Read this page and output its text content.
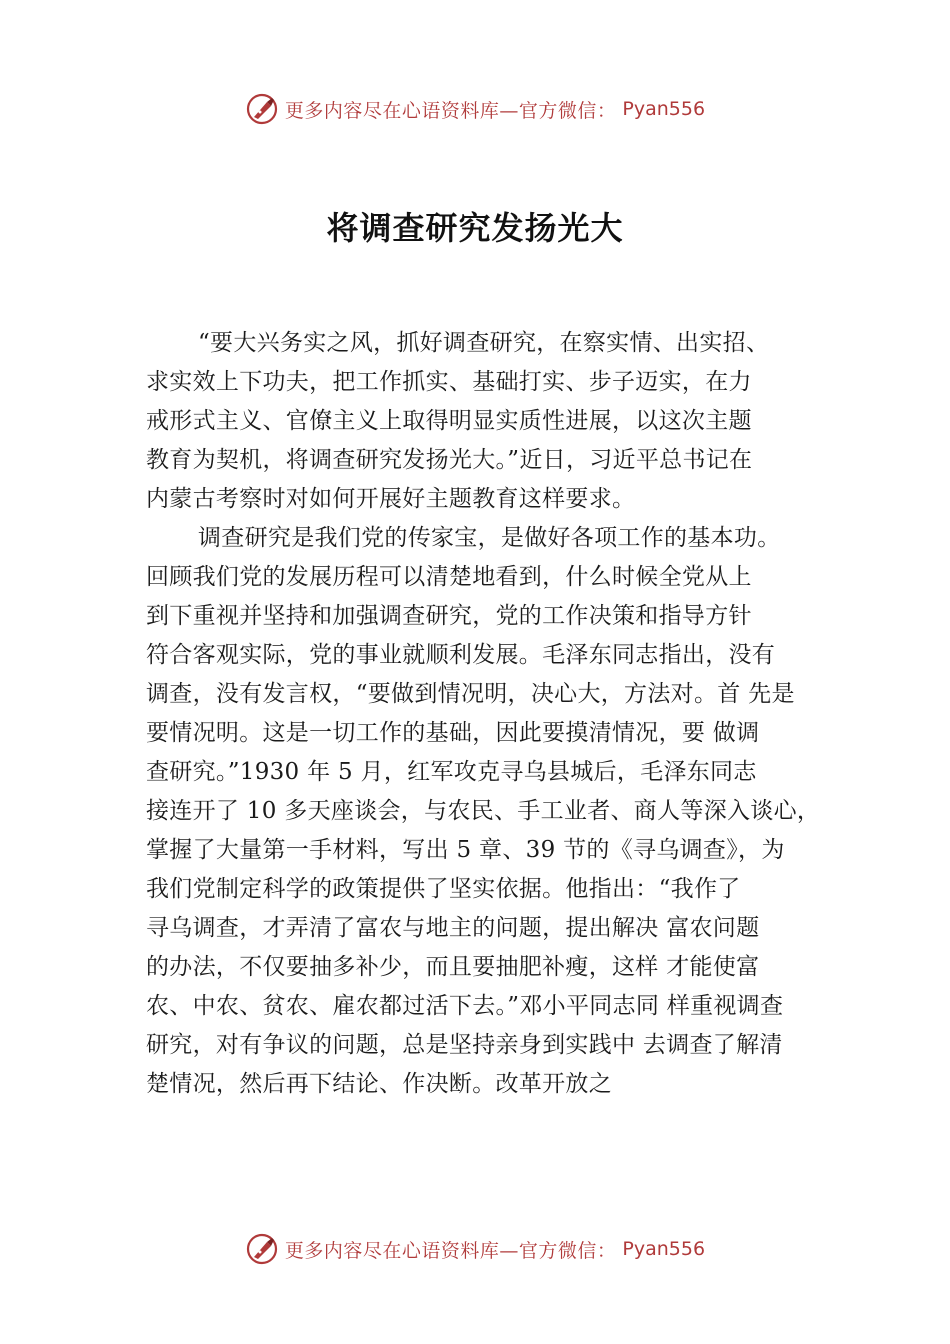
更多内容尽在心语资料库—官方微信： Pyan556
将调查研究发扬光大
“要大兴务实之风，抓好调查研究，在察实情、出实招、
求实效上下功夫，把工作抓实、基础打实、步子迈实，在力
戒形式主义、官僚主义上取得明显实质性进展，以这次主题
教育为契机，将调查研究发扬光大。”近日，习近平总书记在
内蒙古考察时对如何开展好主题教育这样要求。
调查研究是我们党的传家宝，是做好各项工作的基本功。
回顾我们党的发展历程可以清楚地看到，什么时候全党从上
到下重视并坚持和加强调查研究，党的工作决策和指导方针
符合客观实际，党的事业就顺利发展。毛泽东同志指出，没有
调查，没有发言权，“要做到情况明，决心大，方法对。首 先是
要情况明。这是一切工作的基础，因此要摸清情况，要 做调
查研究。”1930 年 5 月，红军攻克寻乌县城后，毛泽东同志
接连开了 10 多天座谈会，与农民、手工业者、商人等深入谈心，
掌握了大量第一手材料，写出 5 章、39 节的《寻乌调查》，为
我们党制定科学的政策提供了坚实依据。他指出：“我作了
寻乌调查，才弄清了富农与地主的问题，提出解决 富农问题
的办法，不仅要抽多补少，而且要抽肥补瘦，这样 才能使富
农、中农、贫农、雇农都过活下去。”邓小平同志同 样重视调查
研究，对有争议的问题，总是坚持亲身到实践中 去调查了解清
楚情况，然后再下结论、作决断。改革开放之
更多内容尽在心语资料库—官方微信： Pyan556
